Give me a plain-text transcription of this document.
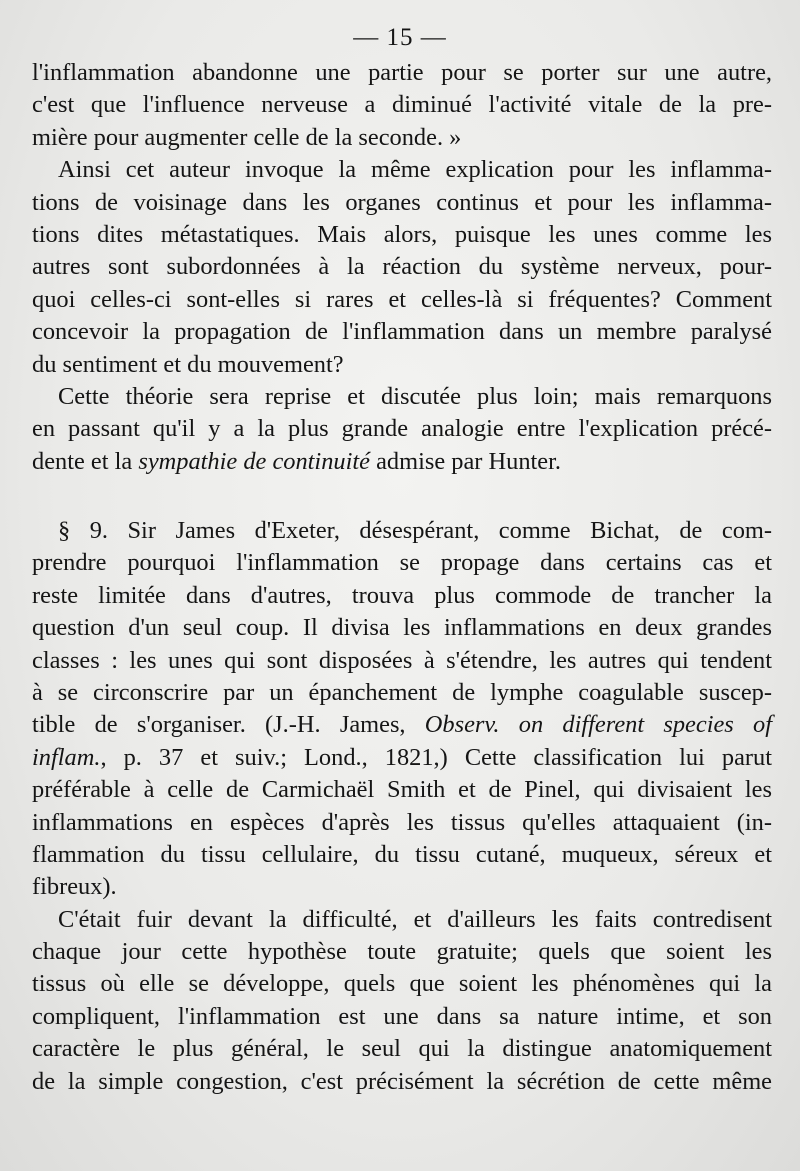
— 15 —
l'inflammation abandonne une partie pour se porter sur une autre,
c'est que l'influence nerveuse a diminué l'activité vitale de la pre-
mière pour augmenter celle de la seconde. »
Ainsi cet auteur invoque la même explication pour les inflamma-
tions de voisinage dans les organes continus et pour les inflamma-
tions dites métastatiques. Mais alors, puisque les unes comme les
autres sont subordonnées à la réaction du système nerveux, pour-
quoi celles-ci sont-elles si rares et celles-là si fréquentes? Comment
concevoir la propagation de l'inflammation dans un membre paralysé
du sentiment et du mouvement?
Cette théorie sera reprise et discutée plus loin; mais remarquons
en passant qu'il y a la plus grande analogie entre l'explication précé-
dente et la sympathie de continuité admise par Hunter.
§ 9. Sir James d'Exeter, désespérant, comme Bichat, de com-
prendre pourquoi l'inflammation se propage dans certains cas et
reste limitée dans d'autres, trouva plus commode de trancher la
question d'un seul coup. Il divisa les inflammations en deux grandes
classes : les unes qui sont disposées à s'étendre, les autres qui tendent
à se circonscrire par un épanchement de lymphe coagulable suscep-
tible de s'organiser. (J.-H. James, Observ. on different species of
inflam., p. 37 et suiv.; Lond., 1821,) Cette classification lui parut
préférable à celle de Carmichaël Smith et de Pinel, qui divisaient les
inflammations en espèces d'après les tissus qu'elles attaquaient (in-
flammation du tissu cellulaire, du tissu cutané, muqueux, séreux et
fibreux).
C'était fuir devant la difficulté, et d'ailleurs les faits contredisent
chaque jour cette hypothèse toute gratuite; quels que soient les
tissus où elle se développe, quels que soient les phénomènes qui la
compliquent, l'inflammation est une dans sa nature intime, et son
caractère le plus général, le seul qui la distingue anatomiquement
de la simple congestion, c'est précisément la sécrétion de cette même
